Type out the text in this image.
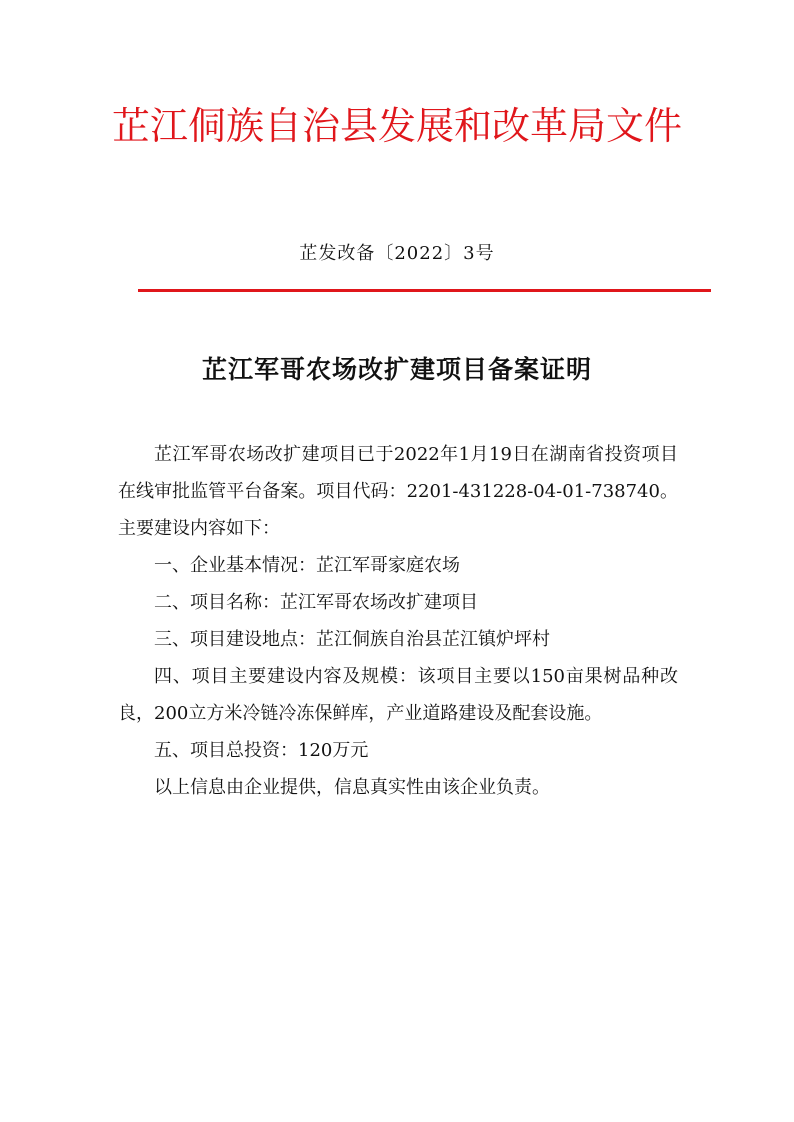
芷江侗族自治县发展和改革局文件
芷发改备〔2022〕3号
芷江军哥农场改扩建项目备案证明

芷江军哥农场改扩建项目已于2022年1月19日在湖南省投资项目在线审批监管平台备案。项目代码：2201-431228-04-01-738740。主要建设内容如下：

一、企业基本情况：芷江军哥家庭农场

二、项目名称：芷江军哥农场改扩建项目

三、项目建设地点：芷江侗族自治县芷江镇炉坪村

四、项目主要建设内容及规模：该项目主要以150亩果树品种改良，200立方米冷链冷冻保鲜库，产业道路建设及配套设施。

五、项目总投资：120万元

以上信息由企业提供，信息真实性由该企业负责。
